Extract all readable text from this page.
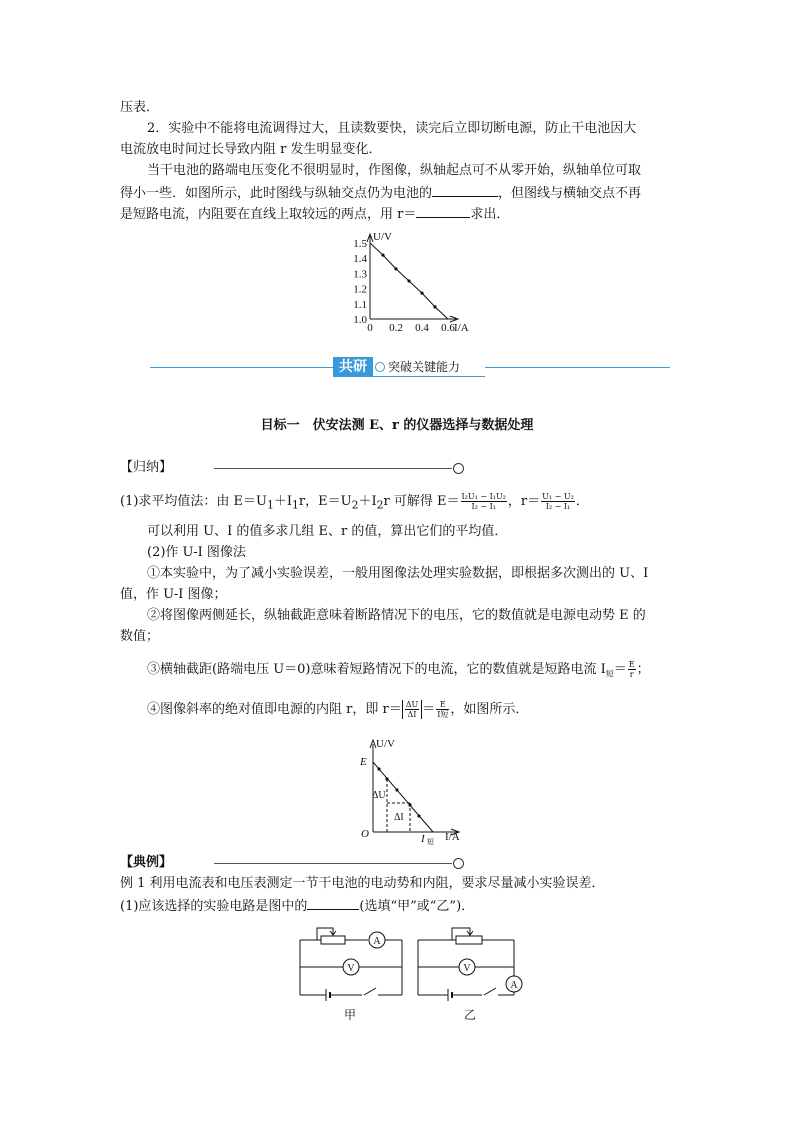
压表．
2．实验中不能将电流调得过大，且读数要快，读完后立即切断电源，防止干电池因大
电流放电时间过长导致内阻 r 发生明显变化．
当干电池的路端电压变化不很明显时，作图像，纵轴起点可不从零开始，纵轴单位可取
得小一些．如图所示，此时图线与纵轴交点仍为电池的	，但图线与横轴交点不再
是短路电流，内阻要在直线上取较远的两点，用 r＝	求出．
1.0
1.1
1.2
1.3
1.4
1.5
0 0.2 0.4 0.6
U/V
I/A
共研	突破关键能力
目标一　伏安法测 E、r 的仪器选择与数据处理
【归纳】
(1)求平均值法：由 $E=U_1+I_1r$，$E=U_2+I_2r$ 可解得 $E= \frac{\text{I₂U₁ − I₁U₂}}{\text{I₂ − I₁}}$ ，$r= \frac{\text{U₁ − U₂}}{\text{I₂ − I₁}}$ ．
可以利用 U、I 的值多求几组 E、r 的值，算出它们的平均值．
(2)作 U-I 图像法
①本实验中，为了减小实验误差，一般用图像法处理实验数据，即根据多次测出的 U、I
值，作 U-I 图像；
②将图像两侧延长，纵轴截距意味着断路情况下的电压，它的数值就是电源电动势 E 的
数值；
③横轴截距(路端电压 U＝0)意味着短路情况下的电流，它的数值就是短路电流 $I_短= \frac{E}{r}$ ；
④图像斜率的绝对值即电源的内阻 r，即 $r= \frac{\Delta U}{\Delta I} = \frac{E}{\text{I短}}$ ，如图所示．
U/V
E
O
ΔU
ΔI
I 短 I/A
【典例】
例 1 利用电流表和电压表测定一节干电池的电动势和内阻，要求尽量减小实验误差．
(1)应该选择的实验电路是图中的	(选填“甲”或“乙”)．
A
V
甲
A
V
乙
